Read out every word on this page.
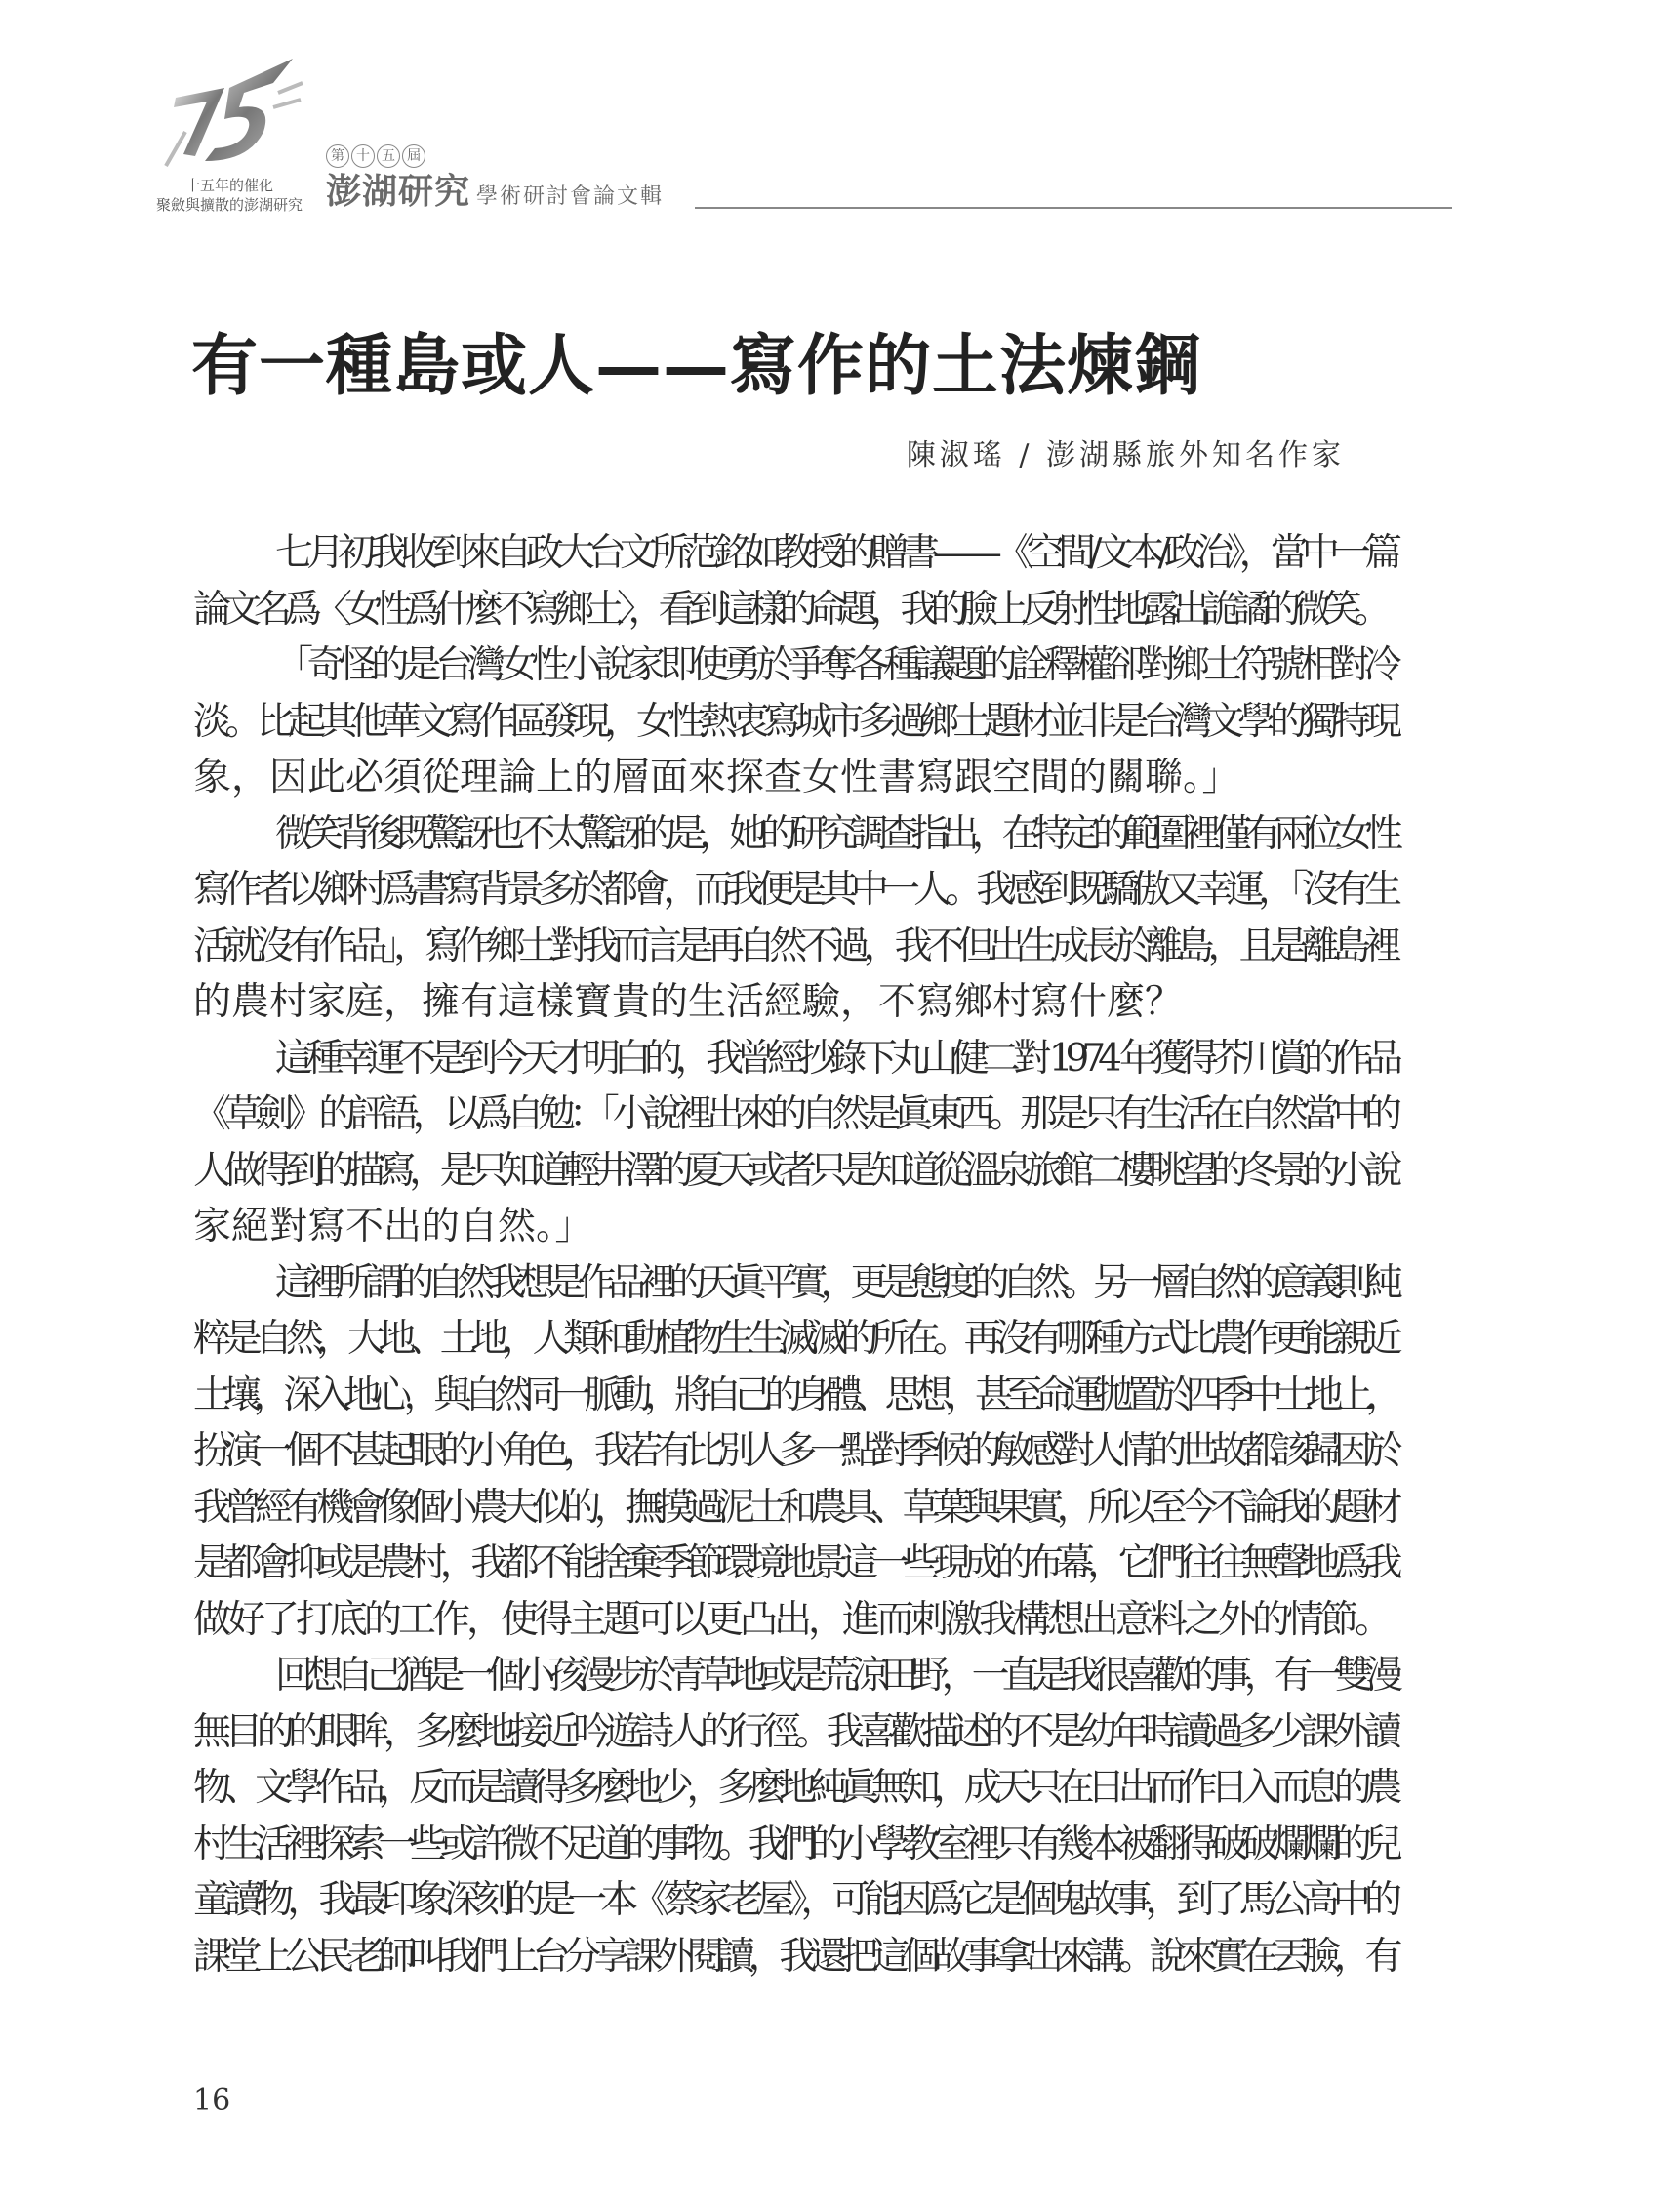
十五年的催化
聚斂與擴散的澎湖研究
第 十 五 屆
澎湖研究 學術研討會論文輯
有一種島或人——寫作的土法煉鋼
陳淑瑤 / 澎湖縣旅外知名作家
七月初我收到來自政大台文所范銘如教授的贈書——《空間/文本/政治》，當中一篇
論文名爲〈女性爲什麼不寫鄉土〉，看到這樣的命題，我的臉上反射性地露出詭譎的微笑。
「奇怪的是台灣女性小說家即使勇於爭奪各種議題的詮釋權卻對鄉土符號相對冷
淡。比起其他華文寫作區發現，女性熱衷寫城市多過鄉土題材並非是台灣文學的獨特現
象，因此必須從理論上的層面來探查女性書寫跟空間的關聯。」
微笑背後既驚訝也不太驚訝的是，她的研究調查指出，在特定的範圍裡僅有兩位女性
寫作者以鄉村爲書寫背景多於都會，而我便是其中一人。我感到既驕傲又幸運，「沒有生
活就沒有作品」，寫作鄉土對我而言是再自然不過，我不但出生成長於離島，且是離島裡
的農村家庭，擁有這樣寶貴的生活經驗，不寫鄉村寫什麼？
這種幸運不是到今天才明白的，我曾經抄錄下丸山健二對 1974 年獲得芥川賞的作品
《草劍》的評語，以爲自勉：「小說裡出來的自然是眞東西。那是只有生活在自然當中的
人做得到的描寫，是只知道輕井澤的夏天或者只是知道從溫泉旅館二樓眺望的冬景的小說
家絕對寫不出的自然。」
這裡所謂的自然我想是作品裡的天眞平實，更是態度的自然。另一層自然的意義則純
粹是自然，大地、土地，人類和動植物生生滅滅的所在。再沒有哪種方式比農作更能親近
土壤，深入地心，與自然同一脈動，將自己的身體、思想，甚至命運拋置於四季中土地上，
扮演一個不甚起眼的小角色，我若有比別人多一點對季候的敏感對人情的世故都該歸因於
我曾經有機會像個小農夫似的，撫摸過泥土和農具、草葉與果實，所以至今不論我的題材
是都會抑或是農村，我都不能捨棄季節環境地景這一些現成的布幕，它們往往無聲地爲我
做好了打底的工作，使得主題可以更凸出，進而刺激我構想出意料之外的情節。
回想自己猶是一個小孩漫步於青草地或是荒涼田野，一直是我很喜歡的事，有一雙漫
無目的的眼眸，多麼地接近吟遊詩人的行徑。我喜歡描述的不是幼年時讀過多少課外讀
物、文學作品，反而是讀得多麼地少，多麼地純眞無知，成天只在日出而作日入而息的農
村生活裡探索一些或許微不足道的事物。我們的小學教室裡只有幾本被翻得破破爛爛的兒
童讀物，我最印象深刻的是一本《蔡家老屋》，可能因爲它是個鬼故事，到了馬公高中的
課堂上公民老師叫我們上台分享課外閱讀，我還把這個故事拿出來講。說來實在丟臉，有
16
